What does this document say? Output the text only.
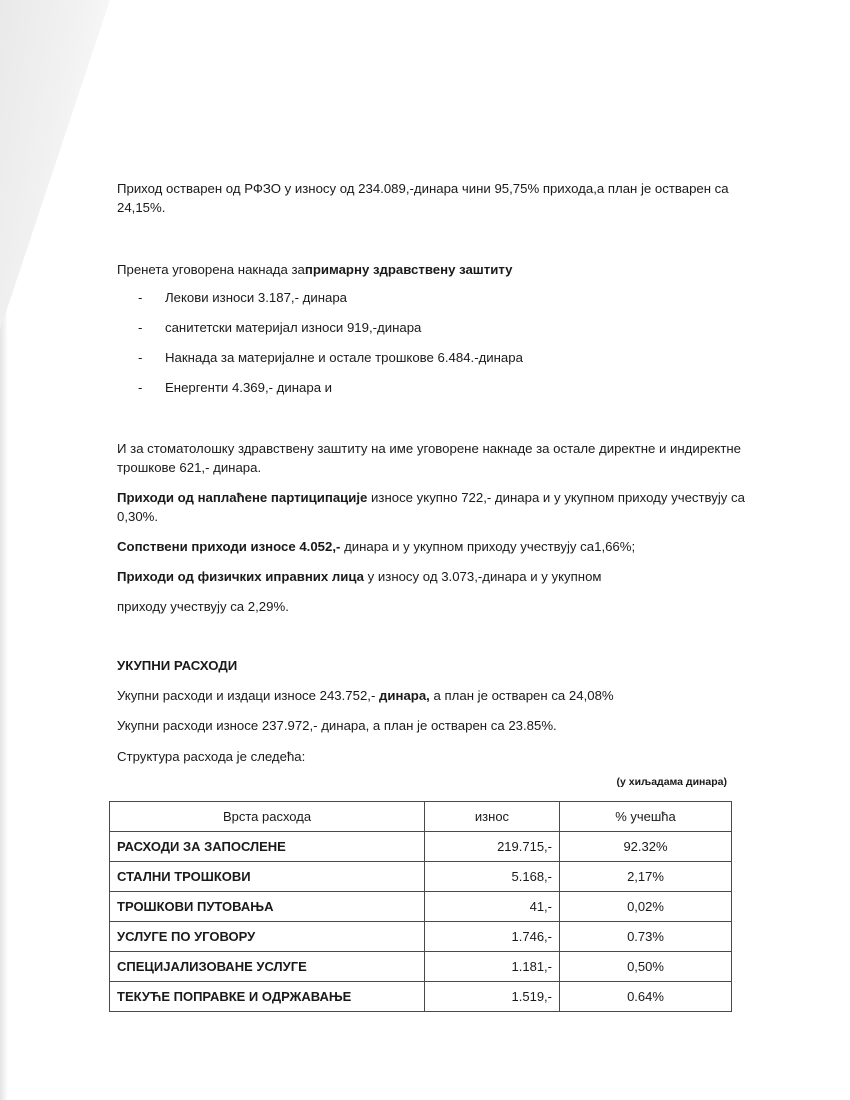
Приход остварен од РФЗО у износу од 234.089,-динара чини 95,75% прихода,а план је остварен са 24,15%.

Пренета уговорена накнада запримарну здравствену заштиту

- Лекови износи 3.187,- динара
- санитетски материјал износи 919,-динара
- Накнада за материјалне и остале трошкове 6.484.-динара
- Енергенти 4.369,- динара и

И за стоматолошку здравствену заштиту на име уговорене накнаде за остале директне и индиректне трошкове 621,- динара.

Приходи од наплаћене партиципације износе укупно 722,- динара и у укупном приходу учествују са 0,30%.

Сопствени приходи износе 4.052,- динара и у укупном приходу учествују са1,66%;

Приходи од физичких иправних лица у износу од 3.073,-динара и у укупном

приходу учествују са 2,29%.

УКУПНИ РАСХОДИ

Укупни расходи и издаци износе 243.752,- динара, а план је остварен са 24,08%

Укупни расходи износе 237.972,- динара, а план је остварен са 23.85%.

Структура расхода је следећа:

(у хиљадама динара)
Врста расхода	износ	% учешћа
РАСХОДИ ЗА ЗАПОСЛЕНЕ	219.715,-	92.32%
СТАЛНИ ТРОШКОВИ	5.168,-	2,17%
ТРОШКОВИ ПУТОВАЊА	41,-	0,02%
УСЛУГЕ ПО УГОВОРУ	1.746,-	0.73%
СПЕЦИЈАЛИЗОВАНЕ УСЛУГЕ	1.181,-	0,50%
ТЕКУЋЕ ПОПРАВКЕ И ОДРЖАВАЊЕ	1.519,-	0.64%
